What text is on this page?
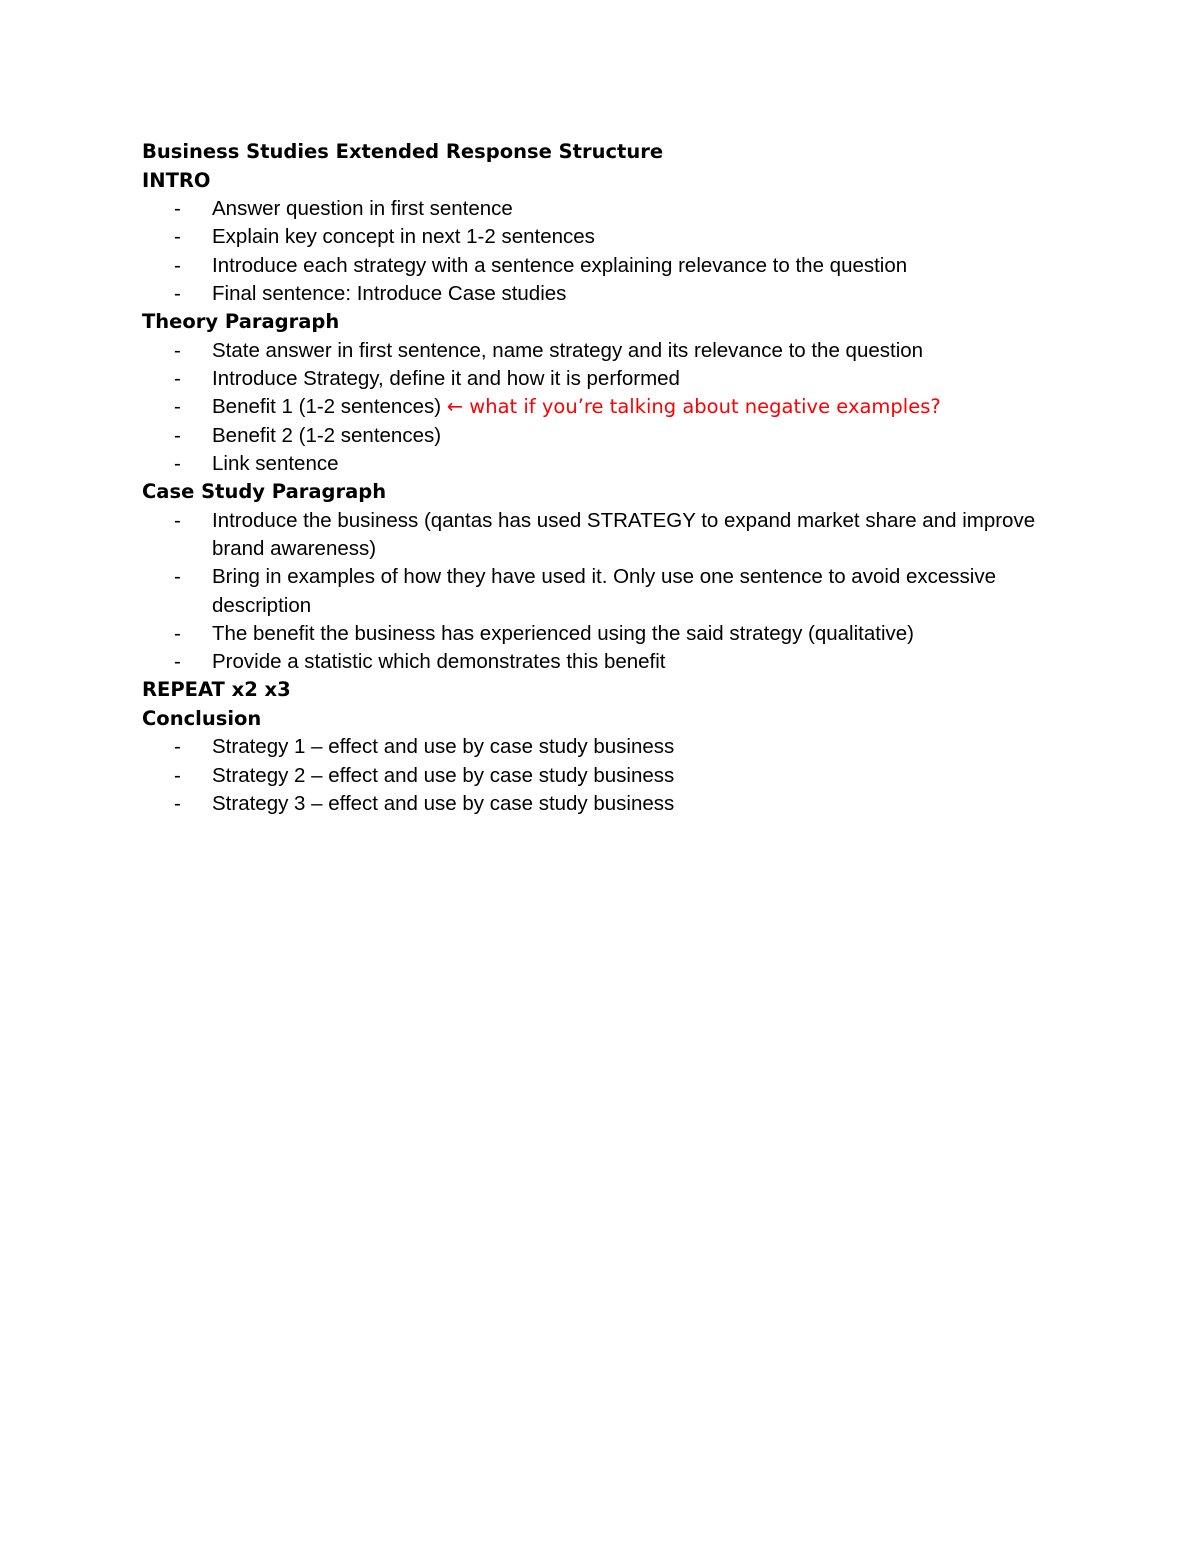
Business Studies Extended Response Structure
INTRO
- Answer question in first sentence
- Explain key concept in next 1-2 sentences
- Introduce each strategy with a sentence explaining relevance to the question
- Final sentence: Introduce Case studies
Theory Paragraph
- State answer in first sentence, name strategy and its relevance to the question
- Introduce Strategy, define it and how it is performed
- Benefit 1 (1-2 sentences) ← what if you’re talking about negative examples?
- Benefit 2 (1-2 sentences)
- Link sentence
Case Study Paragraph
- Introduce the business (qantas has used STRATEGY to expand market share and improve brand awareness)
- Bring in examples of how they have used it. Only use one sentence to avoid excessive description
- The benefit the business has experienced using the said strategy (qualitative)
- Provide a statistic which demonstrates this benefit
REPEAT x2 x3
Conclusion
- Strategy 1 – effect and use by case study business
- Strategy 2 – effect and use by case study business
- Strategy 3 – effect and use by case study business
